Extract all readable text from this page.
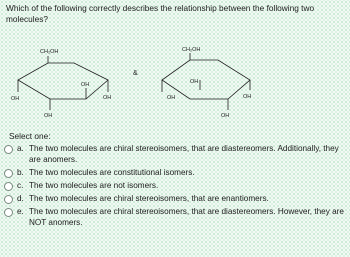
Which of the following correctly describes the relationship between the following two molecules?
CH₂OH
OH
OH
OH
OH
&
CH₂OH
OH
OH
OH
OH
Select one:
a. The two molecules are chiral stereoisomers, that are diastereomers. Additionally, they are anomers.
b. The two molecules are constitutional isomers.
c. The two molecules are not isomers.
d. The two molecules are chiral stereoisomers, that are enantiomers.
e. The two molecules are chiral stereoisomers, that are diastereomers. However, they are NOT anomers.
